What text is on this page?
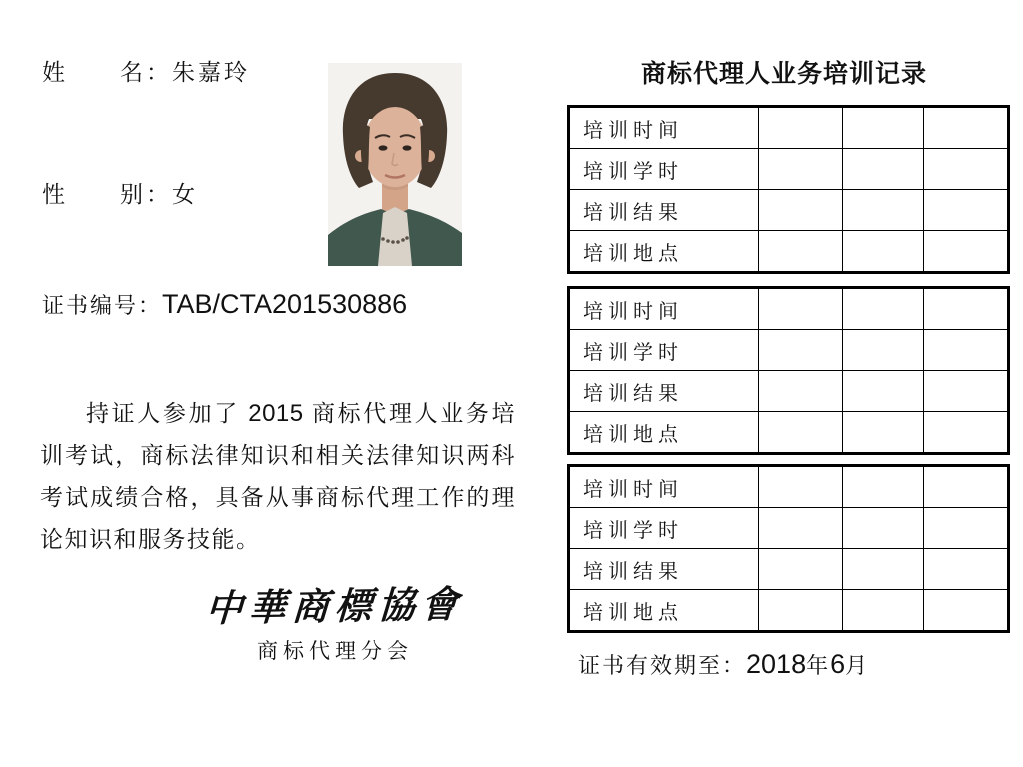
姓　　名：朱嘉玲
性　　别：女
证书编号：TAB/CTA201530886

持证人参加了 2015 商标代理人业务培训考试，商标法律知识和相关法律知识两科考试成绩合格，具备从事商标代理工作的理论知识和服务技能。

中華商標協會
商标代理分会
商标代理人业务培训记录
培训时间			
培训学时			
培训结果			
培训地点			
培训时间			
培训学时			
培训结果			
培训地点			
培训时间			
培训学时			
培训结果			
培训地点			
证书有效期至：2018年6月
